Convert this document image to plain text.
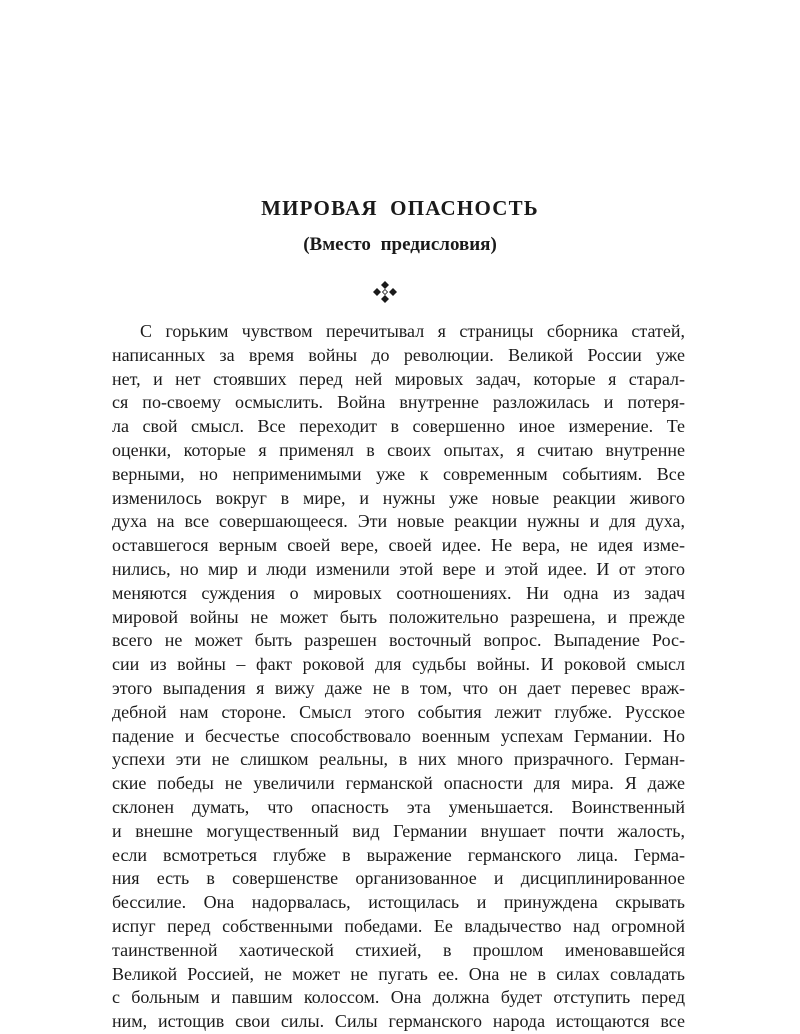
МИРОВАЯ ОПАСНОСТЬ
(Вместо предисловия)
С горьким чувством перечитывал я страницы сборника статей,
написанных за время войны до революции. Великой России уже
нет, и нет стоявших перед ней мировых задач, которые я старал-
ся по-своему осмыслить. Война внутренне разложилась и потеря-
ла свой смысл. Все переходит в совершенно иное измерение. Те
оценки, которые я применял в своих опытах, я считаю внутренне
верными, но неприменимыми уже к современным событиям. Все
изменилось вокруг в мире, и нужны уже новые реакции живого
духа на все совершающееся. Эти новые реакции нужны и для духа,
оставшегося верным своей вере, своей идее. Не вера, не идея изме-
нились, но мир и люди изменили этой вере и этой идее. И от этого
меняются суждения о мировых соотношениях. Ни одна из задач
мировой войны не может быть положительно разрешена, и прежде
всего не может быть разрешен восточный вопрос. Выпадение Рос-
сии из войны – факт роковой для судьбы войны. И роковой смысл
этого выпадения я вижу даже не в том, что он дает перевес враж-
дебной нам стороне. Смысл этого события лежит глубже. Русское
падение и бесчестье способствовало военным успехам Германии. Но
успехи эти не слишком реальны, в них много призрачного. Герман-
ские победы не увеличили германской опасности для мира. Я даже
склонен думать, что опасность эта уменьшается. Воинственный
и внешне могущественный вид Германии внушает почти жалость,
если всмотреться глубже в выражение германского лица. Герма-
ния есть в совершенстве организованное и дисциплинированное
бессилие. Она надорвалась, истощилась и принуждена скрывать
испуг перед собственными победами. Ее владычество над огромной
таинственной хаотической стихией, в прошлом именовавшейся
Великой Россией, не может не пугать ее. Она не в силах совладать
с больным и павшим колоссом. Она должна будет отступить перед
ним, истощив свои силы. Силы германского народа истощаются все
